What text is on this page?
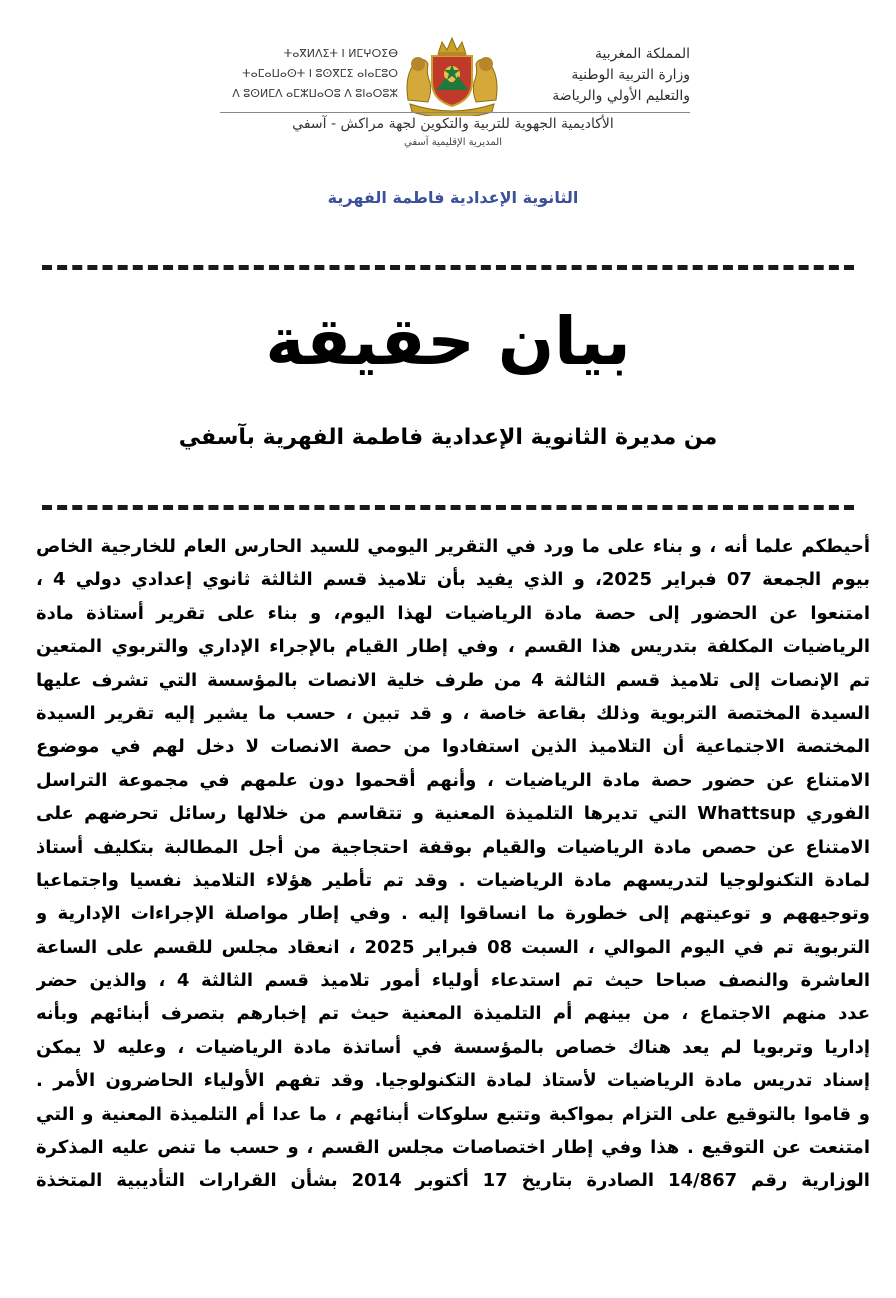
ⵜⴰⴳⵍⴷⵉⵜ ⵏ ⵍⵎⵖⵔⵉⴱ
ⵜⴰⵎⴰⵡⴰⵙⵜ ⵏ ⵓⵙⴳⵎⵉ ⴰⵏⴰⵎⵓⵔ
ⴷ ⵓⵙⵍⵎⴷ ⴰⵎⵣⵡⴰⵔⵓ ⴷ ⵓⵏⴰⵔⵓⵣ
المملكة المغربية
وزارة التربية الوطنية
والتعليم الأولي والرياضة
الأكاديمية الجهوية للتربية والتكوين لجهة مراكش - آسفي
المديرية الإقليمية آسفي
الثانوية الإعدادية فاطمة الفهرية
بيان حقيقة
من مديرة الثانوية الإعدادية فاطمة الفهرية بآسفي
أحيطكم علما أنه ، و بناء على ما ورد في التقرير اليومي للسيد الحارس العام للخارجية الخاص
بيوم الجمعة 07 فبراير 2025، و الذي يفيد بأن تلاميذ قسم الثالثة ثانوي إعدادي دولي 4 ،
امتنعوا عن الحضور إلى حصة مادة الرياضيات لهذا اليوم، و بناء على تقرير أستاذة مادة
الرياضيات المكلفة بتدريس هذا القسم ، وفي إطار القيام بالإجراء الإداري والتربوي المتعين
تم الإنصات إلى تلاميذ قسم الثالثة 4 من طرف خلية الانصات بالمؤسسة التي تشرف عليها
السيدة المختصة التربوية وذلك بقاعة خاصة ، و قد تبين ، حسب ما يشير إليه تقرير السيدة
المختصة الاجتماعية أن التلاميذ الذين استفادوا من حصة الانصات لا دخل لهم في موضوع
الامتناع عن حضور حصة مادة الرياضيات ، وأنهم أقحموا دون علمهم في مجموعة التراسل
الفوري Whattsup التي تديرها التلميذة المعنية و تتقاسم من خلالها رسائل تحرضهم على
الامتناع عن حصص مادة الرياضيات والقيام بوقفة احتجاجية من أجل المطالبة بتكليف أستاذ
لمادة التكنولوجيا لتدريسهم مادة الرياضيات . وقد تم تأطير هؤلاء التلاميذ نفسيا واجتماعيا
وتوجيههم و توعيتهم إلى خطورة ما انساقوا إليه . وفي إطار مواصلة الإجراءات الإدارية و
التربوية تم في اليوم الموالي ، السبت 08 فبراير 2025 ، انعقاد مجلس للقسم على الساعة
العاشرة والنصف صباحا حيث تم استدعاء أولياء أمور تلاميذ قسم الثالثة 4 ، والذين حضر
عدد منهم الاجتماع ، من بينهم أم التلميذة المعنية حيث تم إخبارهم بتصرف أبنائهم وبأنه
إداريا وتربويا لم يعد هناك خصاص بالمؤسسة في أساتذة مادة الرياضيات ، وعليه لا يمكن
إسناد تدريس مادة الرياضيات لأستاذ لمادة التكنولوجيا. وقد تفهم الأولياء الحاضرون الأمر .
و قاموا بالتوقيع على التزام بمواكبة وتتبع سلوكات أبنائهم ، ما عدا أم التلميذة المعنية و التي
امتنعت عن التوقيع . هذا وفي إطار اختصاصات مجلس القسم ، و حسب ما تنص عليه المذكرة
الوزارية رقم 14/867 الصادرة بتاريخ 17 أكتوبر 2014 بشأن القرارات التأديبية المتخذة
